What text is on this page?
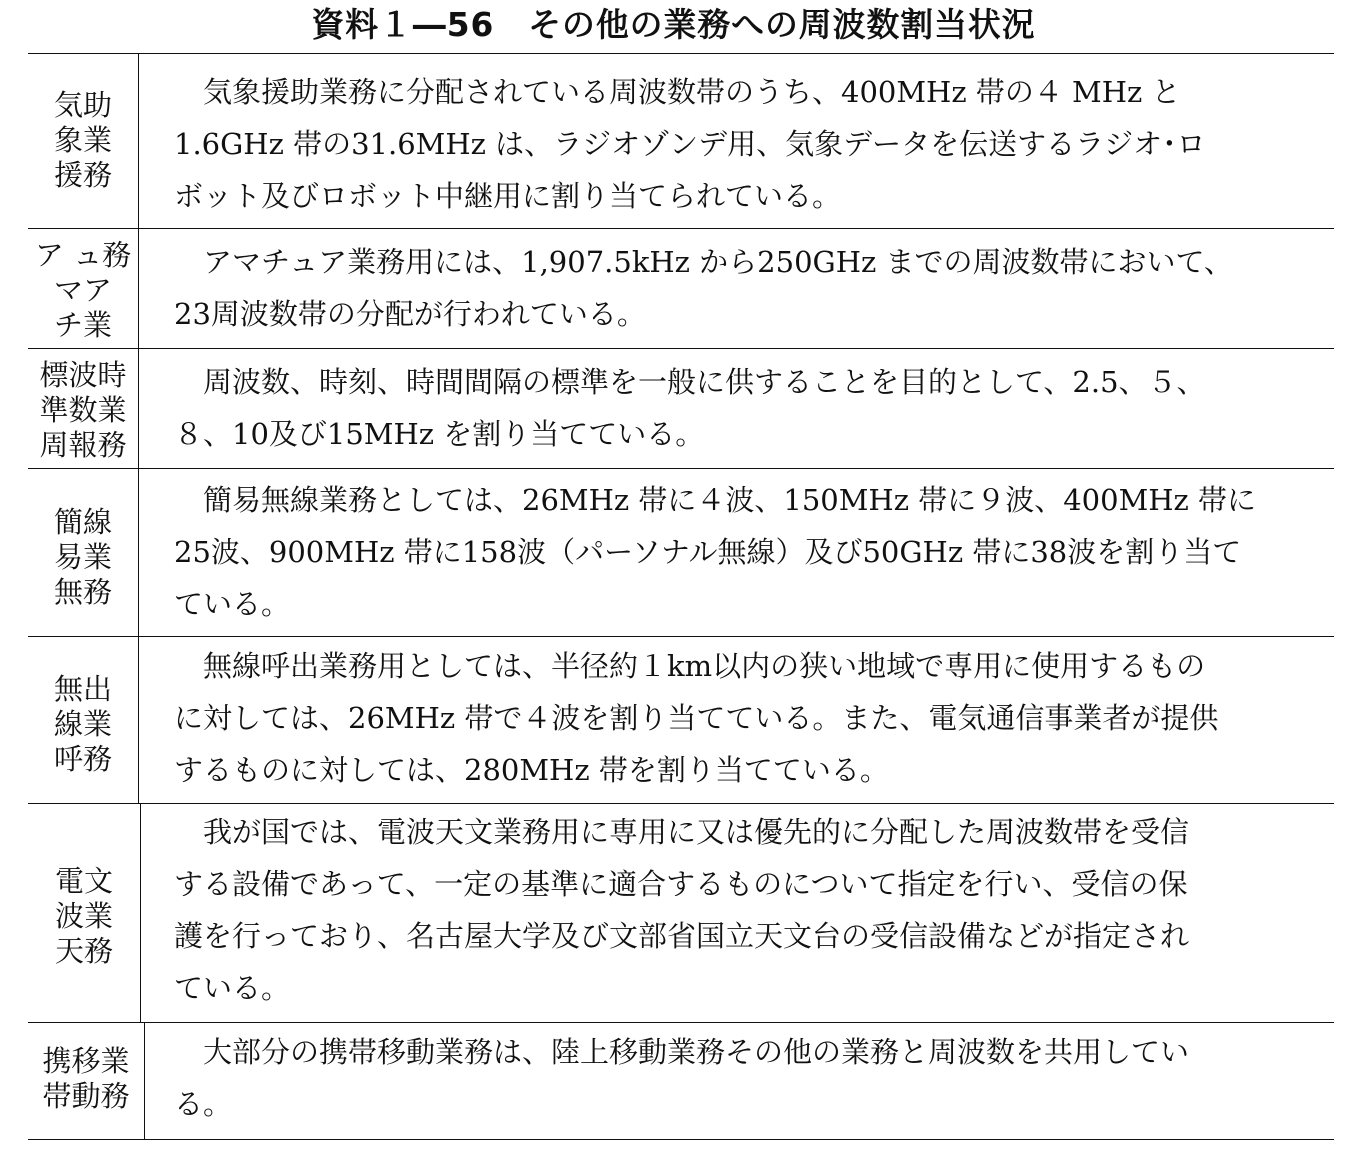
資料１―56　その他の業務への周波数割当状況
気助
象業
援務
　気象援助業務に分配されている周波数帯のうち、400MHz 帯の４ MHz と
1.6GHz 帯の31.6MHz は、ラジオゾンデ用、気象データを伝送するラジオ･ロ
ボット及びロボット中継用に割り当てられている。
ア ュ務
マア
チ業
　アマチュア業務用には、1,907.5kHz から250GHz までの周波数帯において、
23周波数帯の分配が行われている。
標波時
準数業
周報務
　周波数、時刻、時間間隔の標準を一般に供することを目的として、2.5、５、
８、10及び15MHz を割り当てている。
簡線
易業
無務
　簡易無線業務としては、26MHz 帯に４波、150MHz 帯に９波、400MHz 帯に
25波、900MHz 帯に158波（パーソナル無線）及び50GHz 帯に38波を割り当て
ている。
無出
線業
呼務
　無線呼出業務用としては、半径約１km以内の狭い地域で専用に使用するもの
に対しては、26MHz 帯で４波を割り当てている。また、電気通信事業者が提供
するものに対しては、280MHz 帯を割り当てている。
電文
波業
天務
　我が国では、電波天文業務用に専用に又は優先的に分配した周波数帯を受信
する設備であって、一定の基準に適合するものについて指定を行い、受信の保
護を行っており、名古屋大学及び文部省国立天文台の受信設備などが指定され
ている。
携移業
帯動務
　大部分の携帯移動業務は、陸上移動業務その他の業務と周波数を共用してい
る。
